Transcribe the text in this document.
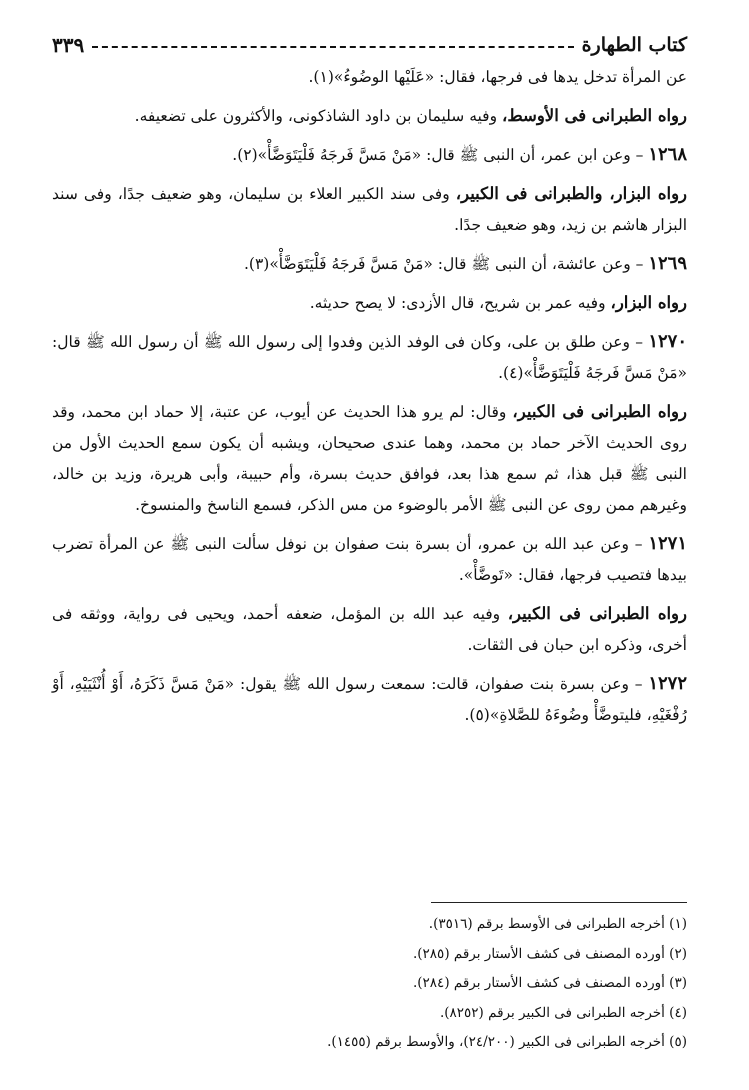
كتاب الطهارة
٣٣٩

عن المرأة تدخل يدها فى فرجها، فقال: «عَلَيْها الوضُوءُ»(١).

رواه الطبرانى فى الأوسط، وفيه سليمان بن داود الشاذكونى، والأكثرون على تضعيفه.

١٢٦٨ – وعن ابن عمر، أن النبى ﷺ قال: «مَنْ مَسَّ فَرجَهُ فَلْيَتَوَضَّأْ»(٢).

رواه البزار، والطبرانى فى الكبير، وفى سند الكبير العلاء بن سليمان، وهو ضعيف جدًا، وفى سند البزار هاشم بن زيد، وهو ضعيف جدًا.

١٢٦٩ – وعن عائشة، أن النبى ﷺ قال: «مَنْ مَسَّ فَرجَهُ فَلْيَتَوَضَّأْ»(٣).

رواه البزار، وفيه عمر بن شريح، قال الأزدى: لا يصح حديثه.

١٢٧٠ – وعن طلق بن على، وكان فى الوفد الذين وفدوا إلى رسول الله ﷺ أن رسول الله ﷺ قال: «مَنْ مَسَّ فَرجَهُ فَلْيَتَوَضَّأْ»(٤).

رواه الطبرانى فى الكبير، وقال: لم يرو هذا الحديث عن أيوب، عن عتبة، إلا حماد ابن محمد، وقد روى الحديث الآخر حماد بن محمد، وهما عندى صحيحان، ويشبه أن يكون سمع الحديث الأول من النبى ﷺ قبل هذا، ثم سمع هذا بعد، فوافق حديث بسرة، وأم حبيبة، وأبى هريرة، وزيد بن خالد، وغيرهم ممن روى عن النبى ﷺ الأمر بالوضوء من مس الذكر، فسمع الناسخ والمنسوخ.

١٢٧١ – وعن عبد الله بن عمرو، أن بسرة بنت صفوان بن نوفل سألت النبى ﷺ عن المرأة تضرب بيدها فتصيب فرجها، فقال: «تَوضَّأْ».

رواه الطبرانى فى الكبير، وفيه عبد الله بن المؤمل، ضعفه أحمد، ويحيى فى رواية، ووثقه فى أخرى، وذكره ابن حبان فى الثقات.

١٢٧٢ – وعن بسرة بنت صفوان، قالت: سمعت رسول الله ﷺ يقول: «مَنْ مَسَّ ذَكَرَهُ، أَوْ أُنْثَيَيْهِ، أَوْ رُفْغَيْهِ، فليتوضَّأْ وضُوءَهُ للصَّلاةِ»(٥).

(١) أخرجه الطبرانى فى الأوسط برقم (٣٥١٦).
(٢) أورده المصنف فى كشف الأستار برقم (٢٨٥).
(٣) أورده المصنف فى كشف الأستار برقم (٢٨٤).
(٤) أخرجه الطبرانى فى الكبير برقم (٨٢٥٢).
(٥) أخرجه الطبرانى فى الكبير (٢٤/٢٠٠)، والأوسط برقم (١٤٥٥).
